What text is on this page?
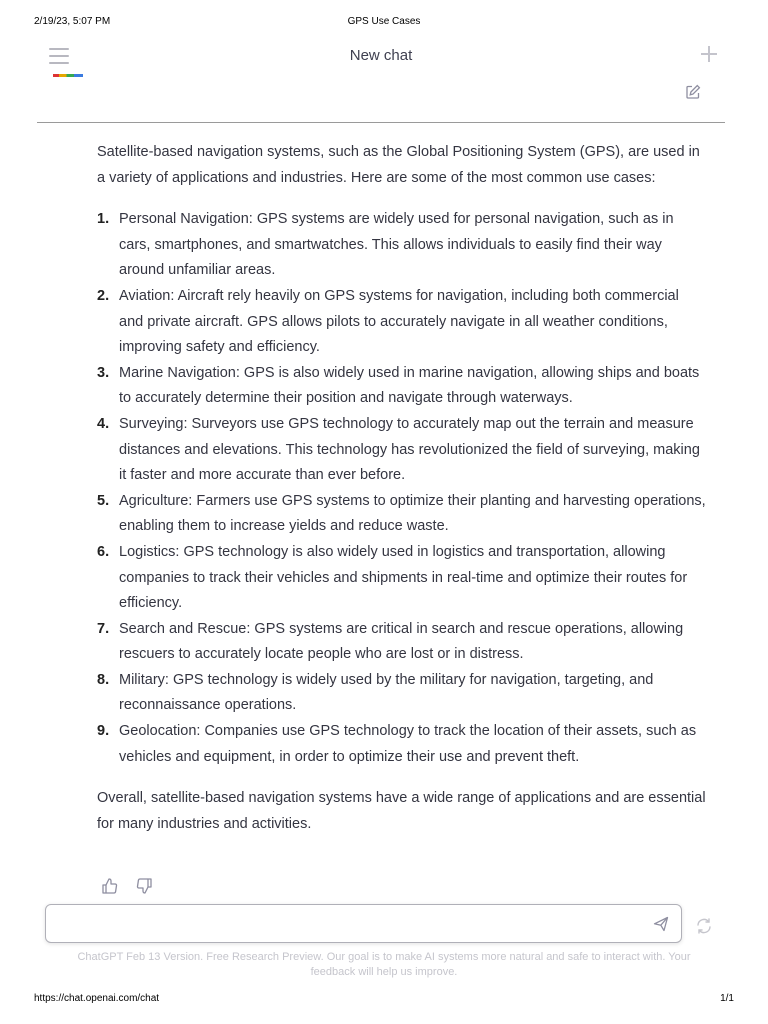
2/19/23, 5:07 PM	GPS Use Cases
New chat

Satellite-based navigation systems, such as the Global Positioning System (GPS), are used in a variety of applications and industries. Here are some of the most common use cases:

1. Personal Navigation: GPS systems are widely used for personal navigation, such as in cars, smartphones, and smartwatches. This allows individuals to easily find their way around unfamiliar areas.
2. Aviation: Aircraft rely heavily on GPS systems for navigation, including both commercial and private aircraft. GPS allows pilots to accurately navigate in all weather conditions, improving safety and efficiency.
3. Marine Navigation: GPS is also widely used in marine navigation, allowing ships and boats to accurately determine their position and navigate through waterways.
4. Surveying: Surveyors use GPS technology to accurately map out the terrain and measure distances and elevations. This technology has revolutionized the field of surveying, making it faster and more accurate than ever before.
5. Agriculture: Farmers use GPS systems to optimize their planting and harvesting operations, enabling them to increase yields and reduce waste.
6. Logistics: GPS technology is also widely used in logistics and transportation, allowing companies to track their vehicles and shipments in real-time and optimize their routes for efficiency.
7. Search and Rescue: GPS systems are critical in search and rescue operations, allowing rescuers to accurately locate people who are lost or in distress.
8. Military: GPS technology is widely used by the military for navigation, targeting, and reconnaissance operations.
9. Geolocation: Companies use GPS technology to track the location of their assets, such as vehicles and equipment, in order to optimize their use and prevent theft.

Overall, satellite-based navigation systems have a wide range of applications and are essential for many industries and activities.

ChatGPT Feb 13 Version. Free Research Preview. Our goal is to make AI systems more natural and safe to interact with. Your feedback will help us improve.
https://chat.openai.com/chat	1/1
